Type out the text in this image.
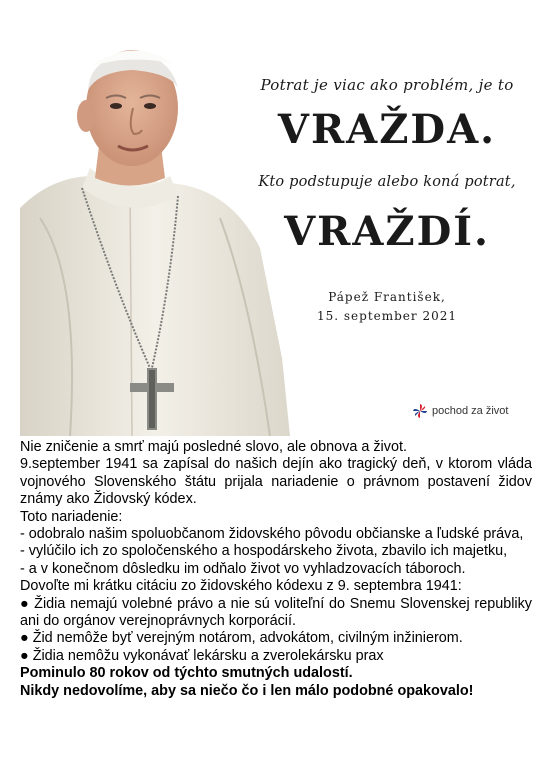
Potrat je viac ako problém, je to
VRAŽDA.
Kto podstupuje alebo koná potrat,
VRAŽDÍ.
Pápež František,
15. september 2021
pochod za život

Nie zničenie a smrť majú posledné slovo, ale obnova a život.

9.september 1941 sa zapísal do našich dejín ako tragický deň, v ktorom vláda vojnového Slovenského štátu prijala nariadenie o právnom postavení židov známy ako Židovský kódex.

Toto nariadenie:

- odobralo našim spoluobčanom židovského pôvodu občianske a ľudské práva,

- vylúčilo ich zo spoločenského a hospodárskeho života, zbavilo ich majetku,

- a v konečnom dôsledku im odňalo život vo vyhladzovacích táboroch.

Dovoľte mi krátku citáciu zo židovského kódexu z 9. septembra 1941:

● Židia nemajú volebné právo a nie sú voliteľní do Snemu Slovenskej republiky ani do orgánov verejnoprávnych korporácií.

● Žid nemôže byť verejným notárom, advokátom, civilným inžinierom.

● Židia nemôžu vykonávať lekársku a zverolekársku prax

Pominulo 80 rokov od týchto smutných udalostí.

Nikdy nedovolíme, aby sa niečo čo i len málo podobné opakovalo!
